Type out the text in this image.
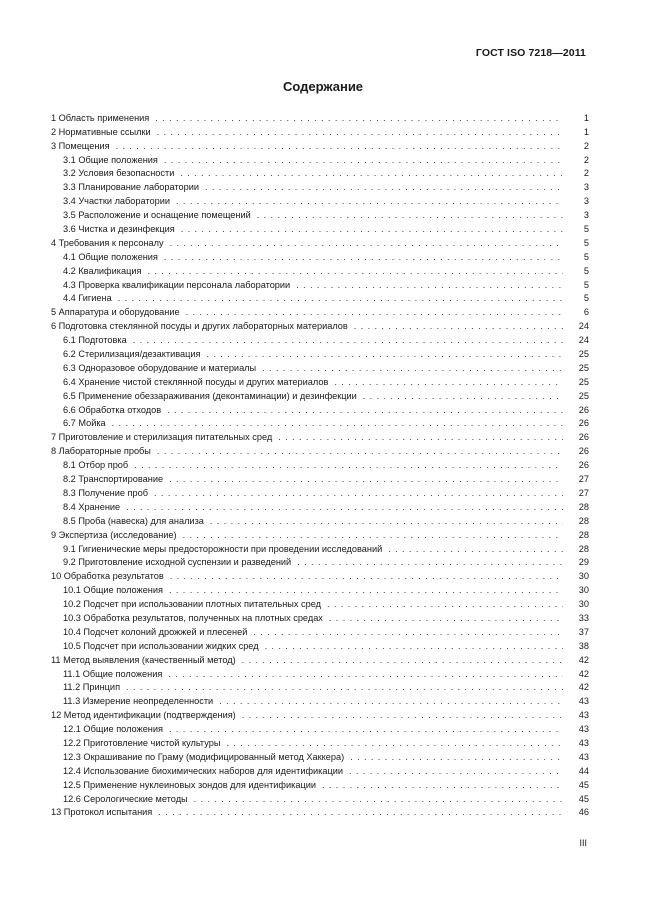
ГОСТ ISO 7218—2011
Содержание
1 Область применения . . .	1
2 Нормативные ссылки . . .	1
3 Помещения . . .	2
3.1 Общие положения . . .	2
3.2 Условия безопасности . . .	2
3.3 Планирование лаборатории . . .	3
3.4 Участки лаборатории . . .	3
3.5 Расположение и оснащение помещений . . .	3
3.6 Чистка и дезинфекция . . .	5
4 Требования к персоналу . . .	5
4.1 Общие положения . . .	5
4.2 Квалификация . . .	5
4.3 Проверка квалификации персонала лаборатории . . .	5
4.4 Гигиена . . .	5
5 Аппаратура и оборудование . . .	6
6 Подготовка стеклянной посуды и других лабораторных материалов . . .	24
6.1 Подготовка . . .	24
6.2 Стерилизация/дезактивация . . .	25
6.3 Одноразовое оборудование и материалы . . .	25
6.4 Хранение чистой стеклянной посуды и других материалов . . .	25
6.5 Применение обеззараживания (деконтаминации) и дезинфекции . . .	25
6.6 Обработка отходов . . .	26
6.7 Мойка . . .	26
7 Приготовление и стерилизация питательных сред . . .	26
8 Лабораторные пробы . . .	26
8.1 Отбор проб . . .	26
8.2 Транспортирование . . .	27
8.3 Получение проб . . .	27
8.4 Хранение . . .	28
8.5 Проба (навеска) для анализа . . .	28
9 Экспертиза (исследование) . . .	28
9.1 Гигиенические меры предосторожности при проведении исследований . . .	28
9.2 Приготовление исходной суспензии и разведений . . .	29
10 Обработка результатов . . .	30
10.1 Общие положения . . .	30
10.2 Подсчет при использовании плотных питательных сред . . .	30
10.3 Обработка результатов, полученных на плотных средах . . .	33
10.4 Подсчет колоний дрожжей и плесеней . . .	37
10.5 Подсчет при использовании жидких сред . . .	38
11 Метод выявления (качественный метод) . . .	42
11.1 Общие положения . . .	42
11.2 Принцип . . .	42
11.3 Измерение неопределенности . . .	43
12 Метод идентификации (подтверждения) . . .	43
12.1 Общие положения . . .	43
12.2 Приготовление чистой культуры . . .	43
12.3 Окрашивание по Граму (модифицированный метод Хаккера) . . .	43
12.4 Использование биохимических наборов для идентификации . . .	44
12.5 Применение нуклеиновых зондов для идентификации . . .	45
12.6 Серологические методы . . .	45
13 Протокол испытания . . .	46
III
